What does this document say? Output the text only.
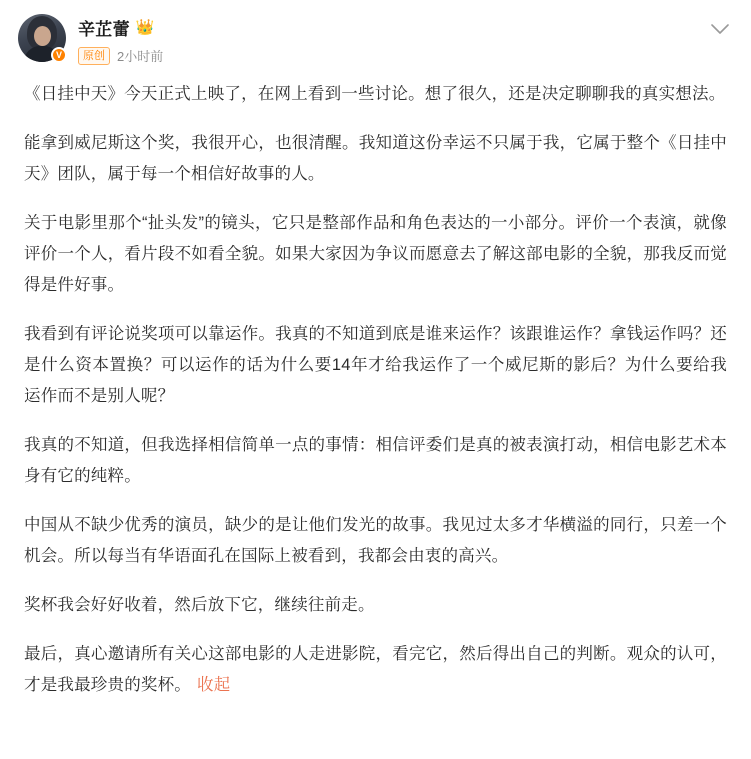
V
辛芷蕾 👑
原创 2小时前

《日挂中天》今天正式上映了，在网上看到一些讨论。想了很久，还是决定聊聊我的真实想法。

能拿到威尼斯这个奖，我很开心，也很清醒。我知道这份幸运不只属于我，它属于整个《日挂中天》团队，属于每一个相信好故事的人。

关于电影里那个“扯头发”的镜头，它只是整部作品和角色表达的一小部分。评价一个表演，就像评价一个人，看片段不如看全貌。如果大家因为争议而愿意去了解这部电影的全貌，那我反而觉得是件好事。

我看到有评论说奖项可以靠运作。我真的不知道到底是谁来运作？该跟谁运作？拿钱运作吗？还是什么资本置换？可以运作的话为什么要14年才给我运作了一个威尼斯的影后？为什么要给我运作而不是别人呢？

我真的不知道，但我选择相信简单一点的事情：相信评委们是真的被表演打动，相信电影艺术本身有它的纯粹。

中国从不缺少优秀的演员，缺少的是让他们发光的故事。我见过太多才华横溢的同行，只差一个机会。所以每当有华语面孔在国际上被看到，我都会由衷的高兴。

奖杯我会好好收着，然后放下它，继续往前走。

最后，真心邀请所有关心这部电影的人走进影院，看完它，然后得出自己的判断。观众的认可，才是我最珍贵的奖杯。 收起
